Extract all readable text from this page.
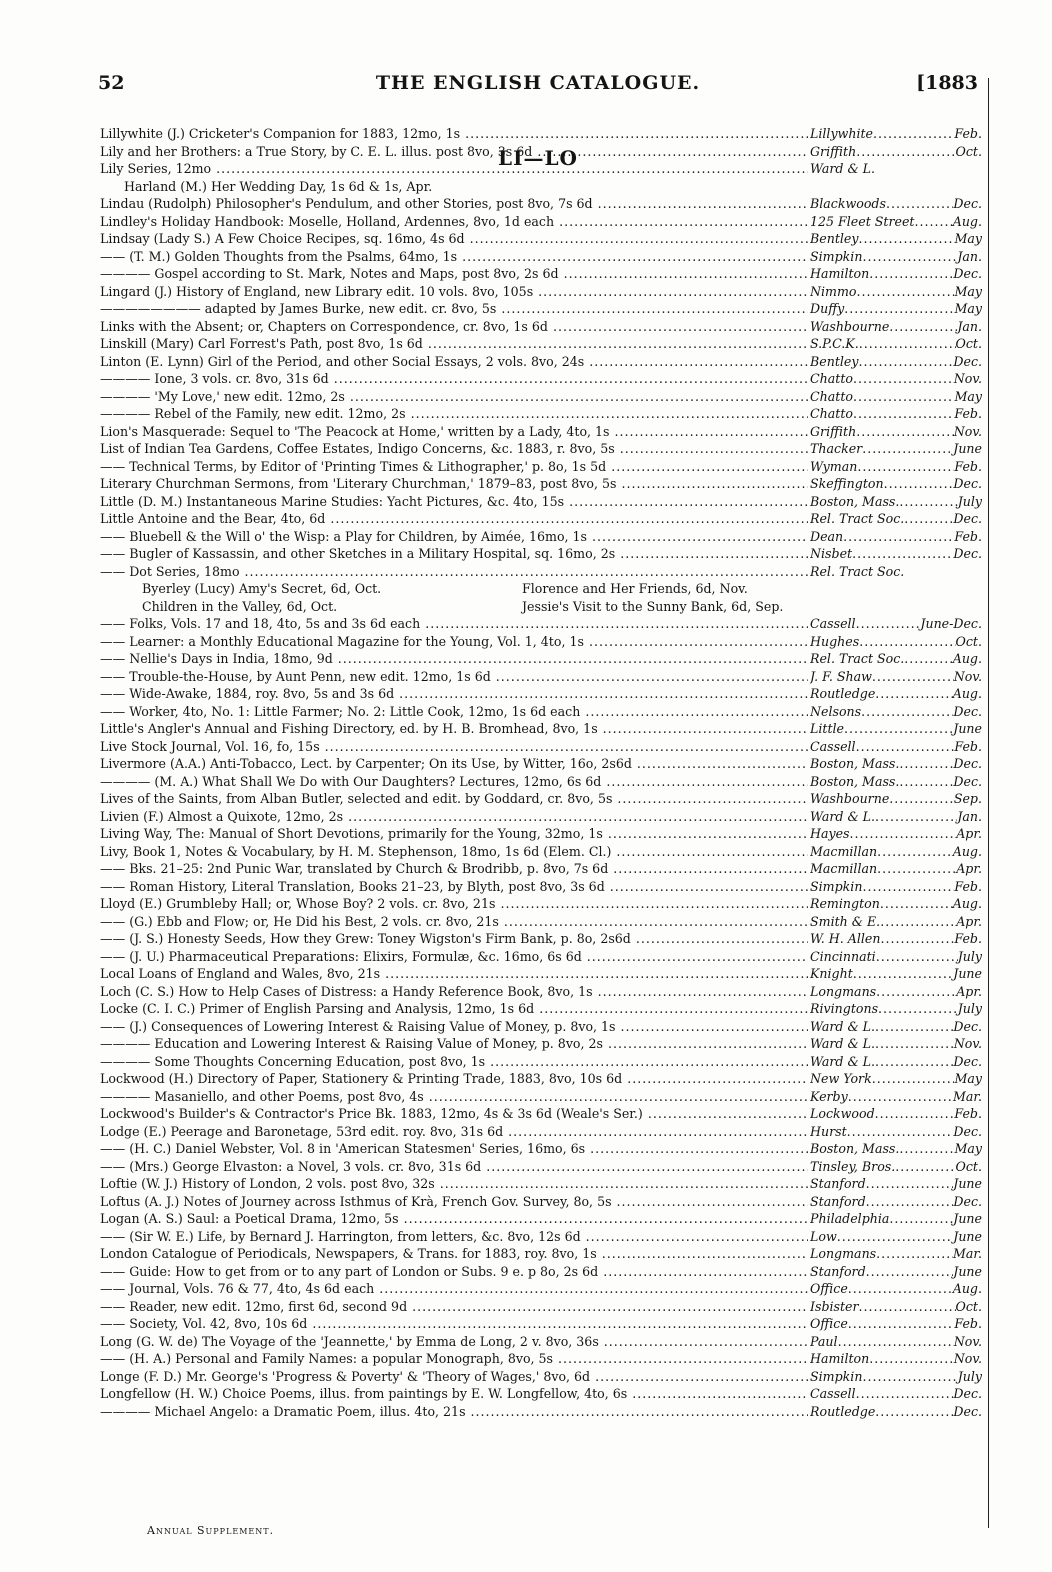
52	THE ENGLISH CATALOGUE.	[1883
LI—LO
Lillywhite (J.) Cricketer's Companion for 1883, 12mo, 1s .....	Lillywhite .....	Feb.
Lily and her Brothers: a True Story, by C. E. L. illus. post 8vo, 3s 6d .....	Griffith .....	Oct.
Lily Series, 12mo .....	Ward & L.
Harland (M.) Her Wedding Day, 1s 6d & 1s, Apr.
Lindau (Rudolph) Philosopher's Pendulum, and other Stories, post 8vo, 7s 6d .....	Blackwoods .....	Dec.
Lindley's Holiday Handbook: Moselle, Holland, Ardennes, 8vo, 1d each .....	125 Fleet Street .....	Aug.
Lindsay (Lady S.) A Few Choice Recipes, sq. 16mo, 4s 6d .....	Bentley .....	May
—— (T. M.) Golden Thoughts from the Psalms, 64mo, 1s .....	Simpkin .....	Jan.
———— Gospel according to St. Mark, Notes and Maps, post 8vo, 2s 6d .....	Hamilton .....	Dec.
Lingard (J.) History of England, new Library edit. 10 vols. 8vo, 105s .....	Nimmo .....	May
———————— adapted by James Burke, new edit. cr. 8vo, 5s .....	Duffy .....	May
Links with the Absent; or, Chapters on Correspondence, cr. 8vo, 1s 6d .....	Washbourne .....	Jan.
Linskill (Mary) Carl Forrest's Path, post 8vo, 1s 6d .....	S.P.C.K. .....	Oct.
Linton (E. Lynn) Girl of the Period, and other Social Essays, 2 vols. 8vo, 24s .....	Bentley .....	Dec.
———— Ione, 3 vols. cr. 8vo, 31s 6d .....	Chatto .....	Nov.
———— 'My Love,' new edit. 12mo, 2s .....	Chatto .....	May
———— Rebel of the Family, new edit. 12mo, 2s .....	Chatto .....	Feb.
Lion's Masquerade: Sequel to 'The Peacock at Home,' written by a Lady, 4to, 1s .....	Griffith .....	Nov.
List of Indian Tea Gardens, Coffee Estates, Indigo Concerns, &c. 1883, r. 8vo, 5s .....	Thacker .....	June
—— Technical Terms, by Editor of 'Printing Times & Lithographer,' p. 8o, 1s 5d .....	Wyman .....	Feb.
Literary Churchman Sermons, from 'Literary Churchman,' 1879–83, post 8vo, 5s .....	Skeffington .....	Dec.
Little (D. M.) Instantaneous Marine Studies: Yacht Pictures, &c. 4to, 15s .....	Boston, Mass. .....	July
Little Antoine and the Bear, 4to, 6d .....	Rel. Tract Soc. .....	Dec.
—— Bluebell & the Will o' the Wisp: a Play for Children, by Aimée, 16mo, 1s .....	Dean .....	Feb.
—— Bugler of Kassassin, and other Sketches in a Military Hospital, sq. 16mo, 2s .....	Nisbet .....	Dec.
—— Dot Series, 18mo .....	Rel. Tract Soc.
Byerley (Lucy) Amy's Secret, 6d, Oct.	Florence and Her Friends, 6d, Nov.
Children in the Valley, 6d, Oct.	Jessie's Visit to the Sunny Bank, 6d, Sep.
—— Folks, Vols. 17 and 18, 4to, 5s and 3s 6d each .....	Cassell .....	June-Dec.
—— Learner: a Monthly Educational Magazine for the Young, Vol. 1, 4to, 1s .....	Hughes .....	Oct.
—— Nellie's Days in India, 18mo, 9d .....	Rel. Tract Soc. .....	Aug.
—— Trouble-the-House, by Aunt Penn, new edit. 12mo, 1s 6d .....	J. F. Shaw .....	Nov.
—— Wide-Awake, 1884, roy. 8vo, 5s and 3s 6d .....	Routledge .....	Aug.
—— Worker, 4to, No. 1: Little Farmer; No. 2: Little Cook, 12mo, 1s 6d each .....	Nelsons .....	Dec.
Little's Angler's Annual and Fishing Directory, ed. by H. B. Bromhead, 8vo, 1s .....	Little .....	June
Live Stock Journal, Vol. 16, fo, 15s .....	Cassell .....	Feb.
Livermore (A.A.) Anti-Tobacco, Lect. by Carpenter; On its Use, by Witter, 16o, 2s6d .....	Boston, Mass. .....	Dec.
———— (M. A.) What Shall We Do with Our Daughters? Lectures, 12mo, 6s 6d .....	Boston, Mass. .....	Dec.
Lives of the Saints, from Alban Butler, selected and edit. by Goddard, cr. 8vo, 5s .....	Washbourne .....	Sep.
Livien (F.) Almost a Quixote, 12mo, 2s .....	Ward & L. .....	Jan.
Living Way, The: Manual of Short Devotions, primarily for the Young, 32mo, 1s .....	Hayes .....	Apr.
Livy, Book 1, Notes & Vocabulary, by H. M. Stephenson, 18mo, 1s 6d (Elem. Cl.) .....	Macmillan .....	Aug.
—— Bks. 21–25: 2nd Punic War, translated by Church & Brodribb, p. 8vo, 7s 6d .....	Macmillan .....	Apr.
—— Roman History, Literal Translation, Books 21–23, by Blyth, post 8vo, 3s 6d .....	Simpkin .....	Feb.
Lloyd (E.) Grumbleby Hall; or, Whose Boy? 2 vols. cr. 8vo, 21s .....	Remington .....	Aug.
—— (G.) Ebb and Flow; or, He Did his Best, 2 vols. cr. 8vo, 21s .....	Smith & E. .....	Apr.
—— (J. S.) Honesty Seeds, How they Grew: Toney Wigston's Firm Bank, p. 8o, 2s6d .....	W. H. Allen .....	Feb.
—— (J. U.) Pharmaceutical Preparations: Elixirs, Formulæ, &c. 16mo, 6s 6d .....	Cincinnati .....	July
Local Loans of England and Wales, 8vo, 21s .....	Knight .....	June
Loch (C. S.) How to Help Cases of Distress: a Handy Reference Book, 8vo, 1s .....	Longmans .....	Apr.
Locke (C. I. C.) Primer of English Parsing and Analysis, 12mo, 1s 6d .....	Rivingtons .....	July
—— (J.) Consequences of Lowering Interest & Raising Value of Money, p. 8vo, 1s .....	Ward & L. .....	Dec.
———— Education and Lowering Interest & Raising Value of Money, p. 8vo, 2s .....	Ward & L. .....	Nov.
———— Some Thoughts Concerning Education, post 8vo, 1s .....	Ward & L. .....	Dec.
Lockwood (H.) Directory of Paper, Stationery & Printing Trade, 1883, 8vo, 10s 6d .....	New York .....	May
———— Masaniello, and other Poems, post 8vo, 4s .....	Kerby .....	Mar.
Lockwood's Builder's & Contractor's Price Bk. 1883, 12mo, 4s & 3s 6d (Weale's Ser.) .....	Lockwood .....	Feb.
Lodge (E.) Peerage and Baronetage, 53rd edit. roy. 8vo, 31s 6d .....	Hurst .....	Dec.
—— (H. C.) Daniel Webster, Vol. 8 in 'American Statesmen' Series, 16mo, 6s .....	Boston, Mass. .....	May
—— (Mrs.) George Elvaston: a Novel, 3 vols. cr. 8vo, 31s 6d .....	Tinsley, Bros. .....	Oct.
Loftie (W. J.) History of London, 2 vols. post 8vo, 32s .....	Stanford .....	June
Loftus (A. J.) Notes of Journey across Isthmus of Krà, French Gov. Survey, 8o, 5s .....	Stanford .....	Dec.
Logan (A. S.) Saul: a Poetical Drama, 12mo, 5s .....	Philadelphia .....	June
—— (Sir W. E.) Life, by Bernard J. Harrington, from letters, &c. 8vo, 12s 6d .....	Low .....	June
London Catalogue of Periodicals, Newspapers, & Trans. for 1883, roy. 8vo, 1s .....	Longmans .....	Mar.
—— Guide: How to get from or to any part of London or Subs. 9 e. p 8o, 2s 6d .....	Stanford .....	June
—— Journal, Vols. 76 & 77, 4to, 4s 6d each .....	Office .....	Aug.
—— Reader, new edit. 12mo, first 6d, second 9d .....	Isbister .....	Oct.
—— Society, Vol. 42, 8vo, 10s 6d .....	Office .....	Feb.
Long (G. W. de) The Voyage of the 'Jeannette,' by Emma de Long, 2 v. 8vo, 36s .....	Paul .....	Nov.
—— (H. A.) Personal and Family Names: a popular Monograph, 8vo, 5s .....	Hamilton .....	Nov.
Longe (F. D.) Mr. George's 'Progress & Poverty' & 'Theory of Wages,' 8vo, 6d .....	Simpkin .....	July
Longfellow (H. W.) Choice Poems, illus. from paintings by E. W. Longfellow, 4to, 6s .....	Cassell .....	Dec.
———— Michael Angelo: a Dramatic Poem, illus. 4to, 21s .....	Routledge .....	Dec.
Annual Supplement.
